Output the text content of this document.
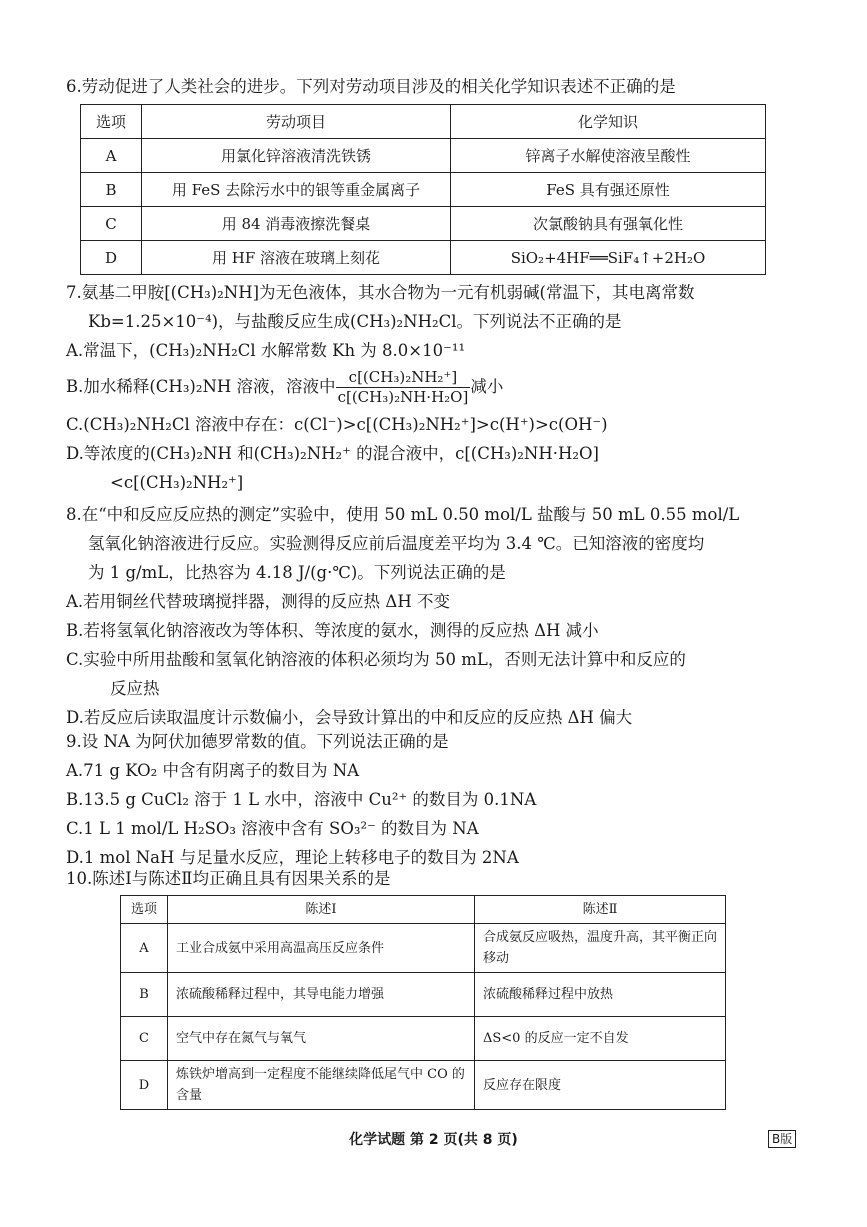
6.劳动促进了人类社会的进步。下列对劳动项目涉及的相关化学知识表述不正确的是

选项	劳动项目	化学知识
A	用氯化锌溶液清洗铁锈	锌离子水解使溶液呈酸性
B	用 FeS 去除污水中的银等重金属离子	FeS 具有强还原性
C	用 84 消毒液擦洗餐桌	次氯酸钠具有强氧化性
D	用 HF 溶液在玻璃上刻花	SiO₂+4HF══SiF₄↑+2H₂O

7.氨基二甲胺[(CH₃)₂NH]为无色液体，其水合物为一元有机弱碱(常温下，其电离常数

Kb=1.25×10⁻⁴)，与盐酸反应生成(CH₃)₂NH₂Cl。下列说法不正确的是

A.常温下，(CH₃)₂NH₂Cl 水解常数 Kh 为 8.0×10⁻¹¹

B.加水稀释(CH₃)₂NH 溶液，溶液中 $\frac{\text{c[(CH₃)₂NH₂⁺]}}{\text{c[(CH₃)₂NH·H₂O]}}$ 减小

C.(CH₃)₂NH₂Cl 溶液中存在：c(Cl⁻)>c[(CH₃)₂NH₂⁺]>c(H⁺)>c(OH⁻)

D.等浓度的(CH₃)₂NH 和(CH₃)₂NH₂⁺ 的混合液中，c[(CH₃)₂NH·H₂O]

<c[(CH₃)₂NH₂⁺]

8.在“中和反应反应热的测定”实验中，使用 50 mL 0.50 mol/L 盐酸与 50 mL 0.55 mol/L

氢氧化钠溶液进行反应。实验测得反应前后温度差平均为 3.4 ℃。已知溶液的密度均

为 1 g/mL，比热容为 4.18 J/(g·℃)。下列说法正确的是

A.若用铜丝代替玻璃搅拌器，测得的反应热 ΔH 不变

B.若将氢氧化钠溶液改为等体积、等浓度的氨水，测得的反应热 ΔH 减小

C.实验中所用盐酸和氢氧化钠溶液的体积必须均为 50 mL，否则无法计算中和反应的

反应热

D.若反应后读取温度计示数偏小，会导致计算出的中和反应的反应热 ΔH 偏大

9.设 NA 为阿伏加德罗常数的值。下列说法正确的是

A.71 g KO₂ 中含有阴离子的数目为 NA

B.13.5 g CuCl₂ 溶于 1 L 水中，溶液中 Cu²⁺ 的数目为 0.1NA

C.1 L 1 mol/L H₂SO₃ 溶液中含有 SO₃²⁻ 的数目为 NA

D.1 mol NaH 与足量水反应，理论上转移电子的数目为 2NA

10.陈述Ⅰ与陈述Ⅱ均正确且具有因果关系的是

选项	陈述Ⅰ	陈述Ⅱ
A	工业合成氨中采用高温高压反应条件	合成氨反应吸热，温度升高，其平衡正向移动
B	浓硫酸稀释过程中，其导电能力增强	浓硫酸稀释过程中放热
C	空气中存在氮气与氧气	ΔS<0 的反应一定不自发
D	炼铁炉增高到一定程度不能继续降低尾气中 CO 的含量	反应存在限度
化学试题 第 2 页(共 8 页)	B版
